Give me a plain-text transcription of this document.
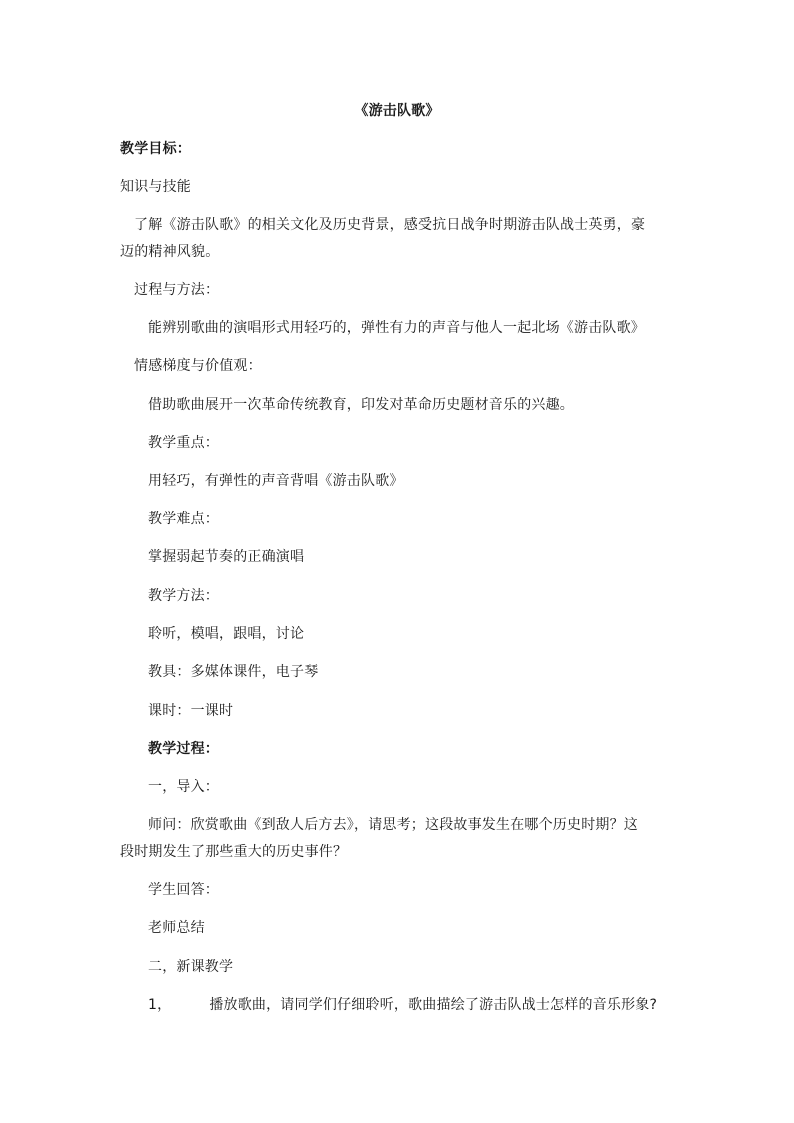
《游击队歌》
教学目标：
知识与技能
了解《游击队歌》的相关文化及历史背景，感受抗日战争时期游击队战士英勇，豪
迈的精神风貌。
过程与方法：
能辨别歌曲的演唱形式用轻巧的，弹性有力的声音与他人一起北场《游击队歌》
情感梯度与价值观：
借助歌曲展开一次革命传统教育，印发对革命历史题材音乐的兴趣。
教学重点：
用轻巧，有弹性的声音背唱《游击队歌》
教学难点：
掌握弱起节奏的正确演唱
教学方法：
聆听，模唱，跟唱，讨论
教具：多媒体课件，电子琴
课时：一课时
教学过程：
一，导入：
师问：欣赏歌曲《到敌人后方去》，请思考；这段故事发生在哪个历史时期？这
段时期发生了那些重大的历史事件？
学生回答：
老师总结
二，新课教学
1，	播放歌曲，请同学们仔细聆听，歌曲描绘了游击队战士怎样的音乐形象?
